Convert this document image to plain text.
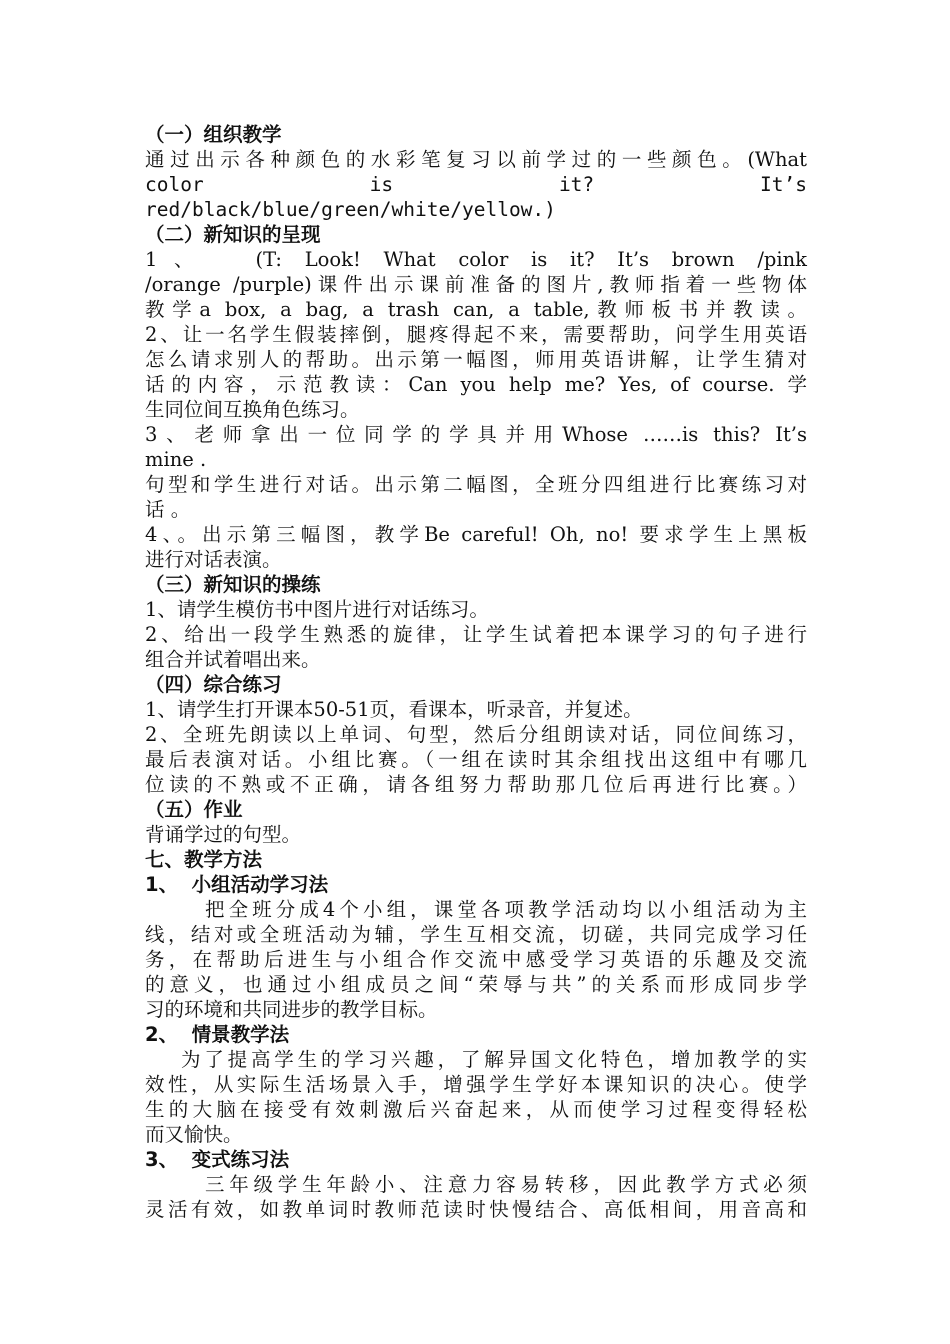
（一）组织教学

通过出示各种颜色的水彩笔复习以前学过的一些颜色。(What

color          is          it?          It’s

red/black/blue/green/white/yellow.)

（二）新知识的呈现

1、  (T: Look! What color is it? It’s brown /pink

/orange /purple)课件出示课前准备的图片,教师指着一些物体

教学a box, a bag, a trash can, a table,教师板书并教读。

2、让一名学生假装摔倒，腿疼得起不来，需要帮助，问学生用英语

怎么请求别人的帮助。出示第一幅图，师用英语讲解，让学生猜对

话的内容，示范教读：Can you help me? Yes, of course. 学

生同位间互换角色练习。

3、老师拿出一位同学的学具并用Whose ……is this? It’s

mine .

句型和学生进行对话。出示第二幅图，全班分四组进行比赛练习对

话 。

4、。出示第三幅图，教学Be careful! Oh, no! 要求学生上黑板

进行对话表演。

（三）新知识的操练

1、请学生模仿书中图片进行对话练习。

2、给出一段学生熟悉的旋律，让学生试着把本课学习的句子进行

组合并试着唱出来。

（四）综合练习

1、请学生打开课本50-51页，看课本，听录音，并复述。

2、全班先朗读以上单词、句型，然后分组朗读对话，同位间练习，

最后表演对话。小组比赛。（一组在读时其余组找出这组中有哪几

位读的不熟或不正确，请各组努力帮助那几位后再进行比赛。）

（五）作业

背诵学过的句型。

七、教学方法

1、  小组活动学习法

把全班分成4个小组，课堂各项教学活动均以小组活动为主

线，结对或全班活动为辅，学生互相交流，切磋，共同完成学习任

务，在帮助后进生与小组合作交流中感受学习英语的乐趣及交流

的意义，也通过小组成员之间“荣辱与共”的关系而形成同步学

习的环境和共同进步的教学目标。

2、  情景教学法

为了提高学生的学习兴趣，了解异国文化特色，增加教学的实

效性，从实际生活场景入手，增强学生学好本课知识的决心。使学

生的大脑在接受有效刺激后兴奋起来，从而使学习过程变得轻松

而又愉快。

3、  变式练习法

三年级学生年龄小、注意力容易转移，因此教学方式必须

灵活有效，如教单词时教师范读时快慢结合、高低相间，用音高和
